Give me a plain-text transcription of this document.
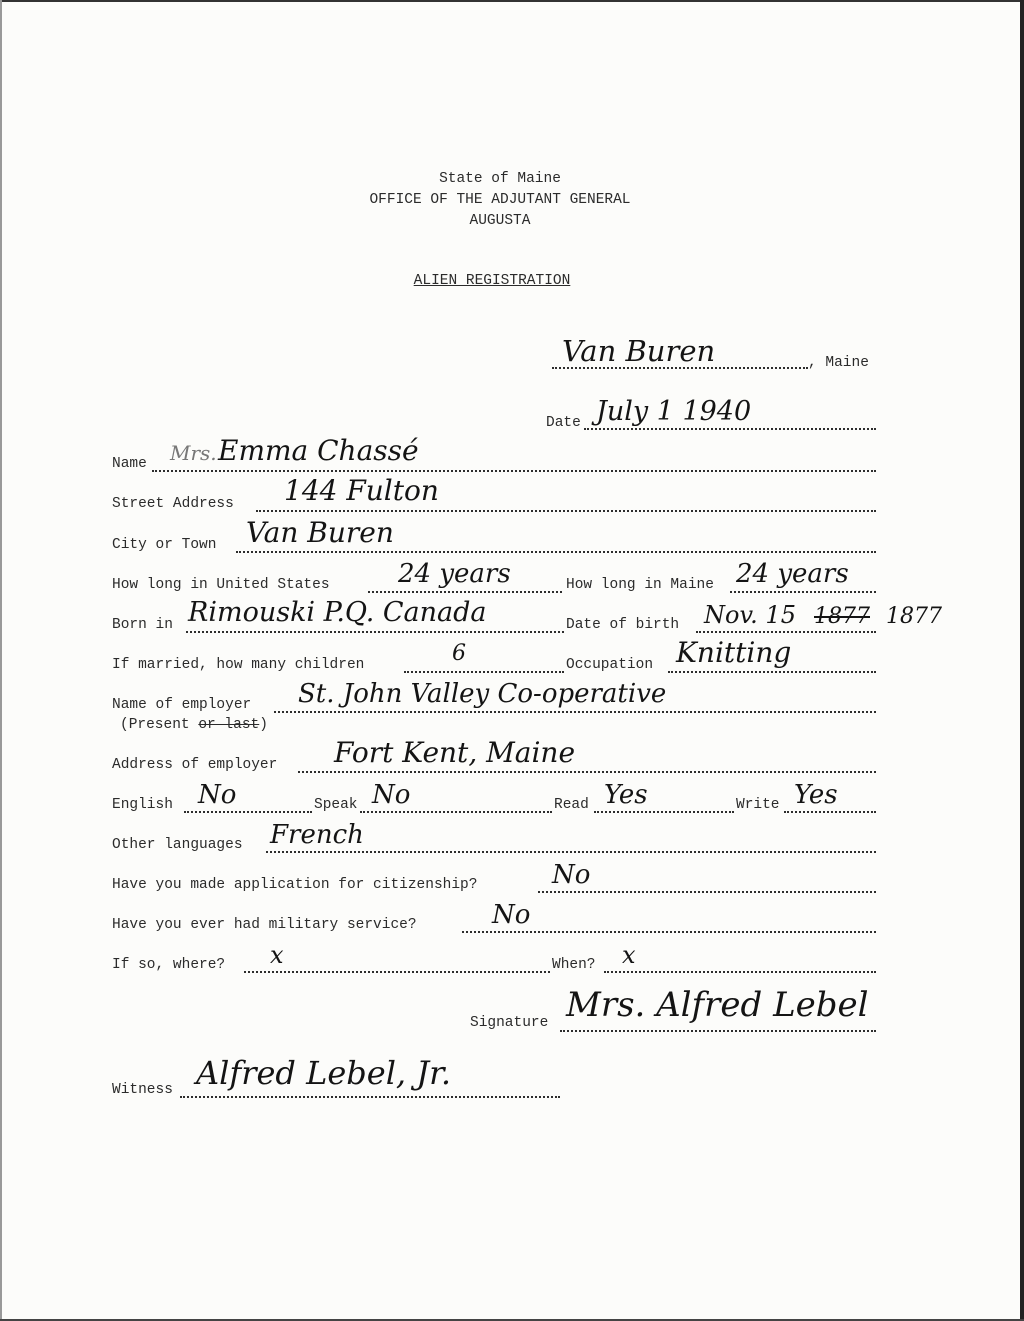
State of Maine
OFFICE OF THE ADJUTANT GENERAL
AUGUSTA
ALIEN REGISTRATION
Van Buren	, Maine
Date July 1 1940
Name Mrs. Emma Chassé
Street Address 144 Fulton
City or Town Van Buren
How long in United States	24 years	How long in Maine 24 years
Born in Rimouski P.Q. Canada	Date of birth Nov. 15 1877 1877
If married, how many children	6	Occupation Knitting
Name of employer St. John Valley Co-operative
(Present or last)
Address of employer Fort Kent, Maine
English No	Speak No	Read Yes	Write Yes
Other languages French
Have you made application for citizenship?	No
Have you ever had military service?	No
If so, where? x	When? x
Signature Mrs. Alfred Lebel
Witness Alfred Lebel, Jr.
